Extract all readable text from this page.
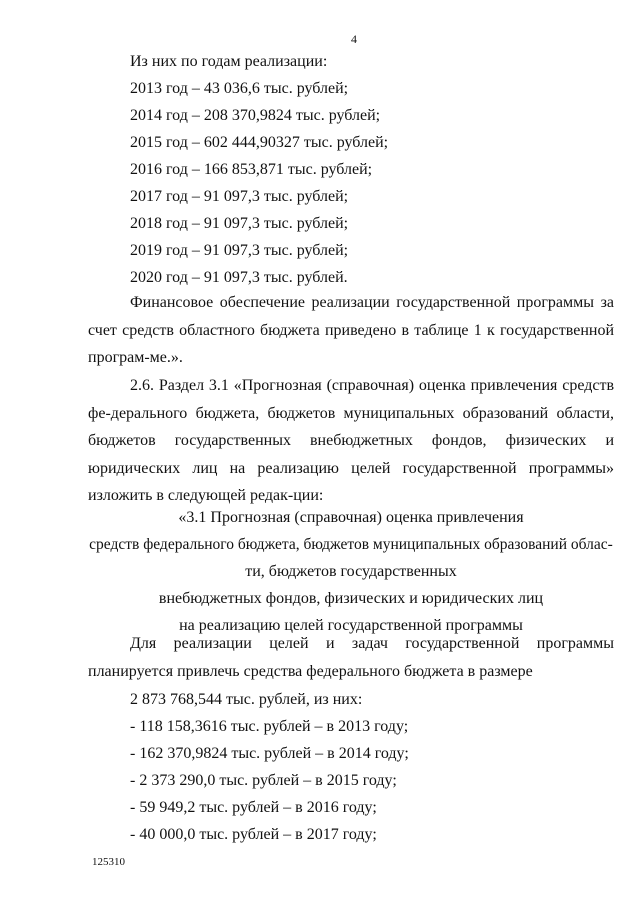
4
Из них по годам реализации:
2013 год – 43 036,6 тыс. рублей;
2014 год – 208 370,9824 тыс. рублей;
2015 год – 602 444,90327 тыс. рублей;
2016 год – 166 853,871 тыс. рублей;
2017 год – 91 097,3 тыс. рублей;
2018 год – 91 097,3 тыс. рублей;
2019 год – 91 097,3 тыс. рублей;
2020 год – 91 097,3 тыс. рублей.
Финансовое обеспечение реализации государственной программы за счет средств областного бюджета приведено в таблице 1 к государственной програм-ме.».
2.6. Раздел 3.1 «Прогнозная (справочная) оценка привлечения средств фе-дерального бюджета, бюджетов муниципальных образований области, бюджетов государственных внебюджетных фондов, физических и юридических лиц на реализацию целей государственной программы» изложить в следующей редак-ции:
«3.1 Прогнозная (справочная) оценка привлечения
средств федерального бюджета, бюджетов муниципальных образований облас-
ти, бюджетов государственных
внебюджетных фондов, физических и юридических лиц
на реализацию целей государственной программы
Для реализации целей и задач государственной программы планируется привлечь средства федерального бюджета в размере
2 873 768,544 тыс. рублей, из них:
- 118 158,3616 тыс. рублей – в 2013 году;
- 162 370,9824 тыс. рублей – в 2014 году;
- 2 373 290,0 тыс. рублей – в 2015 году;
- 59 949,2 тыс. рублей – в 2016 году;
- 40 000,0 тыс. рублей – в 2017 году;
125310
